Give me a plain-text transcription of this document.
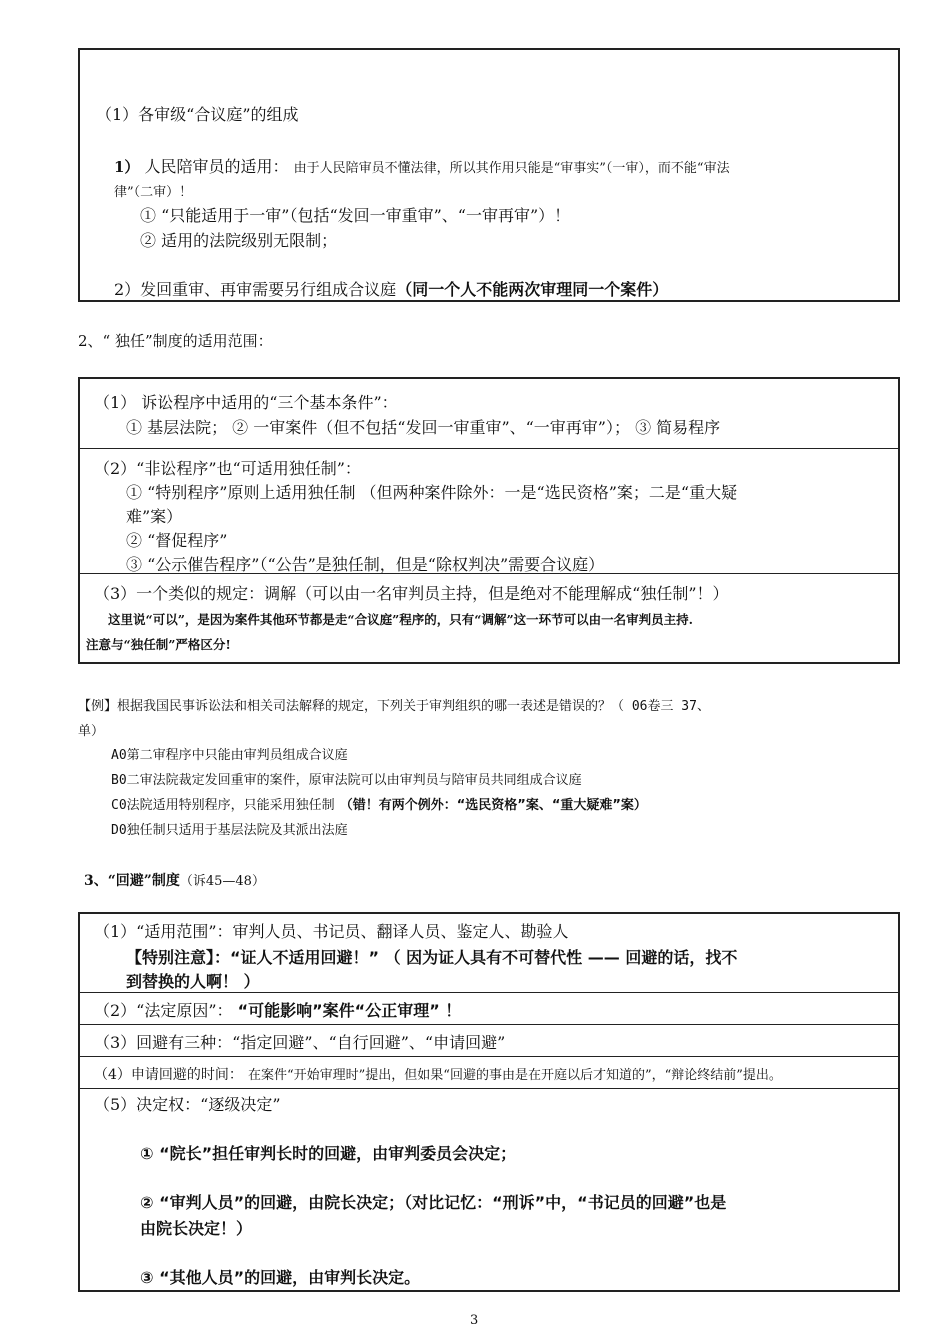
（1）各审级“合议庭”的组成
1） 人民陪审员的适用： 由于人民陪审员不懂法律，所以其作用只能是“审事实”（一审），而不能“审法
律”（二审）！
① “只能适用于一审”（包括“发回一审重审”、“一审再审”）！
② 适用的法院级别无限制；
2）发回重审、再审需要另行组成合议庭（同一个人不能两次审理同一个案件）
2、“ 独任”制度的适用范围：
（1） 诉讼程序中适用的“三个基本条件”：
① 基层法院； ② 一审案件（但不包括“发回一审重审”、“一审再审”）； ③ 简易程序
（2）“非讼程序”也“可适用独任制”：
① “特别程序”原则上适用独任制 （但两种案件除外：一是“选民资格”案；二是“重大疑
难”案）
② “督促程序”
③ “公示催告程序”（“公告”是独任制，但是“除权判决”需要合议庭）
（3）一个类似的规定：调解（可以由一名审判员主持，但是绝对不能理解成“独任制”！）
这里说“可以”，是因为案件其他环节都是走“合议庭”程序的，只有“调解”这一环节可以由一名审判员主持.
注意与“独任制”严格区分!
【例】根据我国民事诉讼法和相关司法解释的规定，下列关于审判组织的哪一表述是错误的？（ 06卷三 37、
单）
A0第二审程序中只能由审判员组成合议庭
B0二审法院裁定发回重审的案件，原审法院可以由审判员与陪审员共同组成合议庭
C0法院适用特别程序，只能采用独任制 （错！有两个例外：“选民资格”案、“重大疑难”案）
D0独任制只适用于基层法院及其派出法庭
3、“回避”制度（诉45—48）
（1）“适用范围”：审判人员、书记员、翻译人员、鉴定人、勘验人
【特别注意】：“证人不适用回避！” （ 因为证人具有不可替代性 —— 回避的话，找不
到替换的人啊！ ）
（2）“法定原因”： “可能影响”案件“公正审理” ！
（3）回避有三种：“指定回避”、“自行回避”、“申请回避”
（4）申请回避的时间： 在案件“开始审理时”提出，但如果“回避的事由是在开庭以后才知道的”，“辩论终结前”提出。
（5）决定权：“逐级决定”
① “院长”担任审判长时的回避，由审判委员会决定；
② “审判人员”的回避，由院长决定；（对比记忆：“刑诉”中，“书记员的回避”也是
由院长决定！）
③ “其他人员”的回避，由审判长决定。
3
